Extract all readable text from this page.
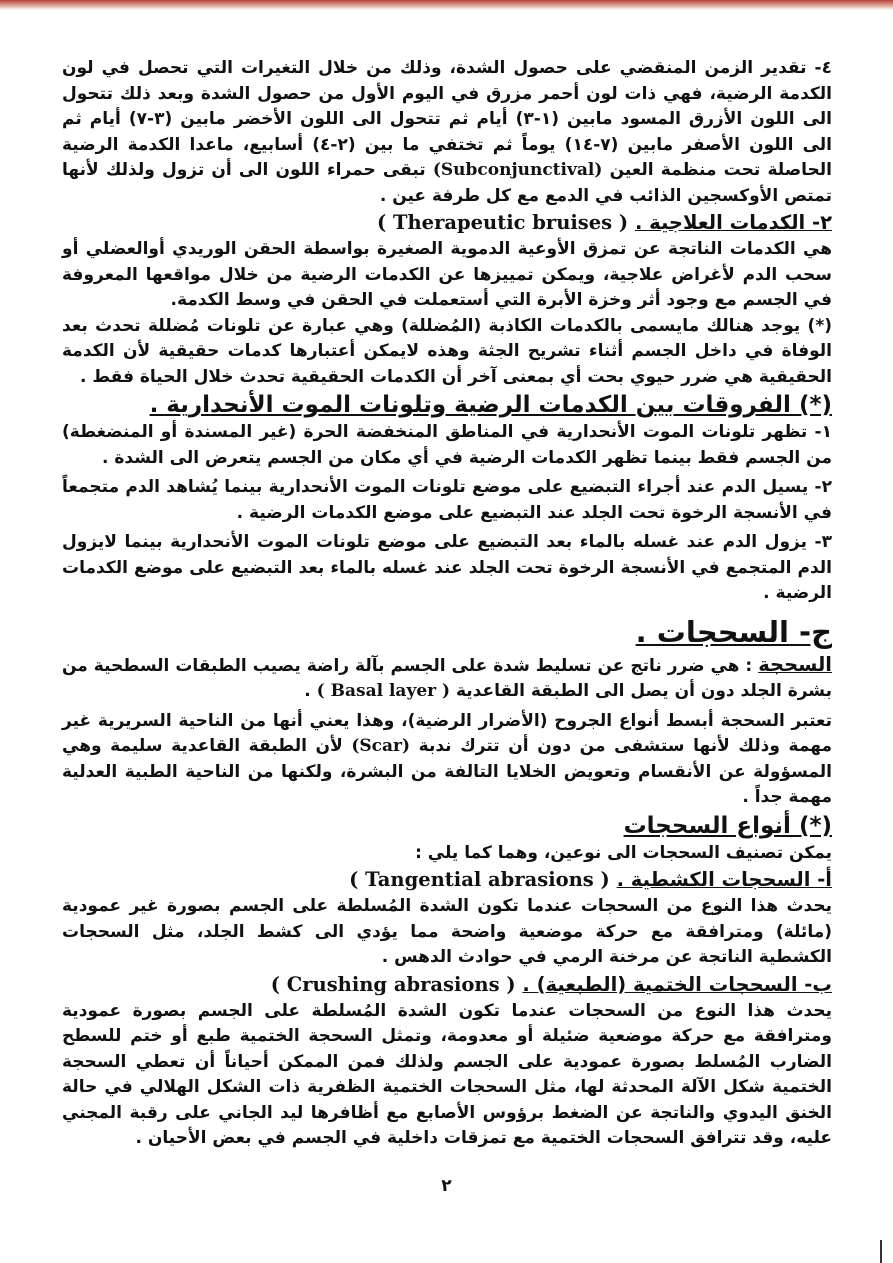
٤- تقدير الزمن المنقضي على حصول الشدة، وذلك من خلال التغيرات التي تحصل في لون الكدمة الرضية، فهي ذات لون أحمر مزرق في اليوم الأول من حصول الشدة وبعد ذلك تتحول الى اللون الأزرق المسود مابين (١-٣) أيام ثم تتحول الى اللون الأخضر مابين (٣-٧) أيام ثم الى اللون الأصفر مابين (٧-١٤) يوماً ثم تختفي ما بين (٢-٤) أسابيع، ماعدا الكدمة الرضية الحاصلة تحت منظمة العين (Subconjunctival) تبقى حمراء اللون الى أن تزول ولذلك لأنها تمتص الأوكسجين الذائب في الدمع مع كل طرفة عين .

٢- الكدمات العلاجية . ( Therapeutic bruises )

هي الكدمات الناتجة عن تمزق الأوعية الدموية الصغيرة بواسطة الحقن الوريدي أوالعضلي أو سحب الدم لأغراض علاجية، ويمكن تمييزها عن الكدمات الرضية من خلال مواقعها المعروفة في الجسم مع وجود أثر وخزة الأبرة التي أستعملت في الحقن في وسط الكدمة.

(*) يوجد هنالك مايسمى بالكدمات الكاذبة (المُضللة) وهي عبارة عن تلونات مُضللة تحدث بعد الوفاة في داخل الجسم أثناء تشريح الجثة وهذه لايمكن أعتبارها كدمات حقيقية لأن الكدمة الحقيقية هي ضرر حيوي بحت أي بمعنى آخر أن الكدمات الحقيقية تحدث خلال الحياة فقط .

(*) الفروقات بين الكدمات الرضية وتلونات الموت الأنحدارية .

١- تظهر تلونات الموت الأنحدارية في المناطق المنخفضة الحرة (غير المسندة أو المنضغطة) من الجسم فقط بينما تظهر الكدمات الرضية في أي مكان من الجسم يتعرض الى الشدة .

٢- يسيل الدم عند أجراء التبضيع على موضع تلونات الموت الأنحدارية بينما يُشاهد الدم متجمعاً في الأنسجة الرخوة تحت الجلد عند التبضيع على موضع الكدمات الرضية .

٣- يزول الدم عند غسله بالماء بعد التبضيع على موضع تلونات الموت الأنحدارية بينما لايزول الدم المتجمع في الأنسجة الرخوة تحت الجلد عند غسله بالماء بعد التبضيع على موضع الكدمات الرضية .

ج- السحجات .

السحجة : هي ضرر ناتج عن تسليط شدة على الجسم بآلة راضة يصيب الطبقات السطحية من بشرة الجلد دون أن يصل الى الطبقة القاعدية ( Basal layer ) .

تعتبر السحجة أبسط أنواع الجروح (الأضرار الرضية)، وهذا يعني أنها من الناحية السريرية غير مهمة وذلك لأنها ستشفى من دون أن تترك ندبة (Scar) لأن الطبقة القاعدية سليمة وهي المسؤولة عن الأنقسام وتعويض الخلايا التالفة من البشرة، ولكنها من الناحية الطبية العدلية مهمة جداً .

(*) أنواع السحجات

يمكن تصنيف السحجات الى نوعين، وهما كما يلي :

أ- السحجات الكشطية . ( Tangential abrasions )

يحدث هذا النوع من السحجات عندما تكون الشدة المُسلطة على الجسم بصورة غير عمودية (مائلة) ومترافقة مع حركة موضعية واضحة مما يؤدي الى كشط الجلد، مثل السحجات الكشطية الناتجة عن مرخنة الرمي في حوادث الدهس .

ب- السحجات الختمية (الطبعية) . ( Crushing abrasions )

يحدث هذا النوع من السحجات عندما تكون الشدة المُسلطة على الجسم بصورة عمودية ومترافقة مع حركة موضعية ضئيلة أو معدومة، وتمثل السحجة الختمية طبع أو ختم للسطح الضارب المُسلط بصورة عمودية على الجسم ولذلك فمن الممكن أحياناً أن تعطي السحجة الختمية شكل الآلة المحدثة لها، مثل السحجات الختمية الظفرية ذات الشكل الهلالي في حالة الخنق اليدوي والناتجة عن الضغط برؤوس الأصابع مع أظافرها ليد الجاني على رقبة المجني عليه، وقد تترافق السحجات الختمية مع تمزقات داخلية في الجسم في بعض الأحيان .

٢
